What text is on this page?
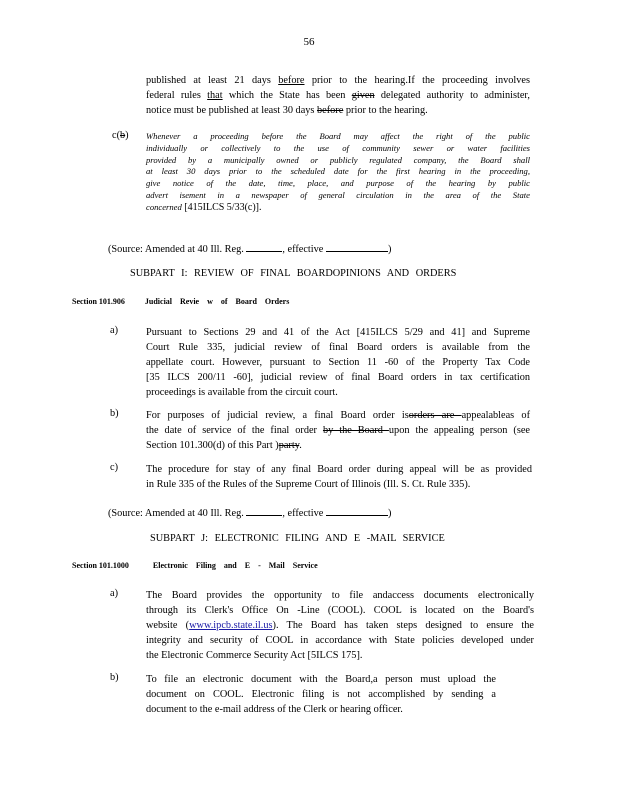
56
published at least 21 days before prior to the hearing.If the proceeding involves
federal rules that which the State has been given delegated authority to administer,
notice must be published at least 30 days before prior to the hearing.
c(b) Whenever a proceeding before the Board may affect the right of the public
individually or collectively to the use of community sewer or water facilities
provided by a municipally owned or publicly regulated company, the Board shall
at least 30 days prior to the scheduled date for the first hearing in the proceeding,
give notice of the date, time, place, and purpose of the hearing by public
advert isement in a newspaper of general circulation in the area of the State
concerned [415ILCS 5/33(c)].
(Source: Amended at 40 Ill. Reg.	, effective	)
SUBPART I: REVIEW OF FINAL BOARDOPINIONS AND ORDERS
Section 101.906	Judicial Revie w of Board Orders
a)	Pursuant to Sections 29 and 41 of the Act [415ILCS 5/29 and 41] and Supreme
Court Rule 335, judicial review of final Board orders is available from the
appellate court. However, pursuant to Section 11 -60 of the Property Tax Code
[35 ILCS 200/11 -60], judicial review of final Board orders in tax certification
proceedings is available from the circuit court.
b)	For purposes of judicial review, a final Board order isorders are appealableas of
the date of service of the final order by the Board upon the appealing person (see
Section 101.300(d) of this Part )party.
c)	The procedure for stay of any final Board order during appeal will be as provided
in Rule 335 of the Rules of the Supreme Court of Illinois (Ill. S. Ct. Rule 335).
(Source: Amended at 40 Ill. Reg.	, effective	)
SUBPART J: ELECTRONIC FILING AND E -MAIL SERVICE
Section 101.1000	Electronic Filing and E - Mail Service
a)	The Board provides the opportunity to file andaccess documents electronically
through its Clerk's Office On -Line (COOL). COOL is located on the Board's
website (www.ipcb.state.il.us). The Board has taken steps designed to ensure the
integrity and security of COOL in accordance with State policies developed under
the Electronic Commerce Security Act [5ILCS 175].
b)	To file an electronic document with the Board,a person must upload the
document on COOL. Electronic filing is not accomplished by sending a
document to the e-mail address of the Clerk or hearing officer.
